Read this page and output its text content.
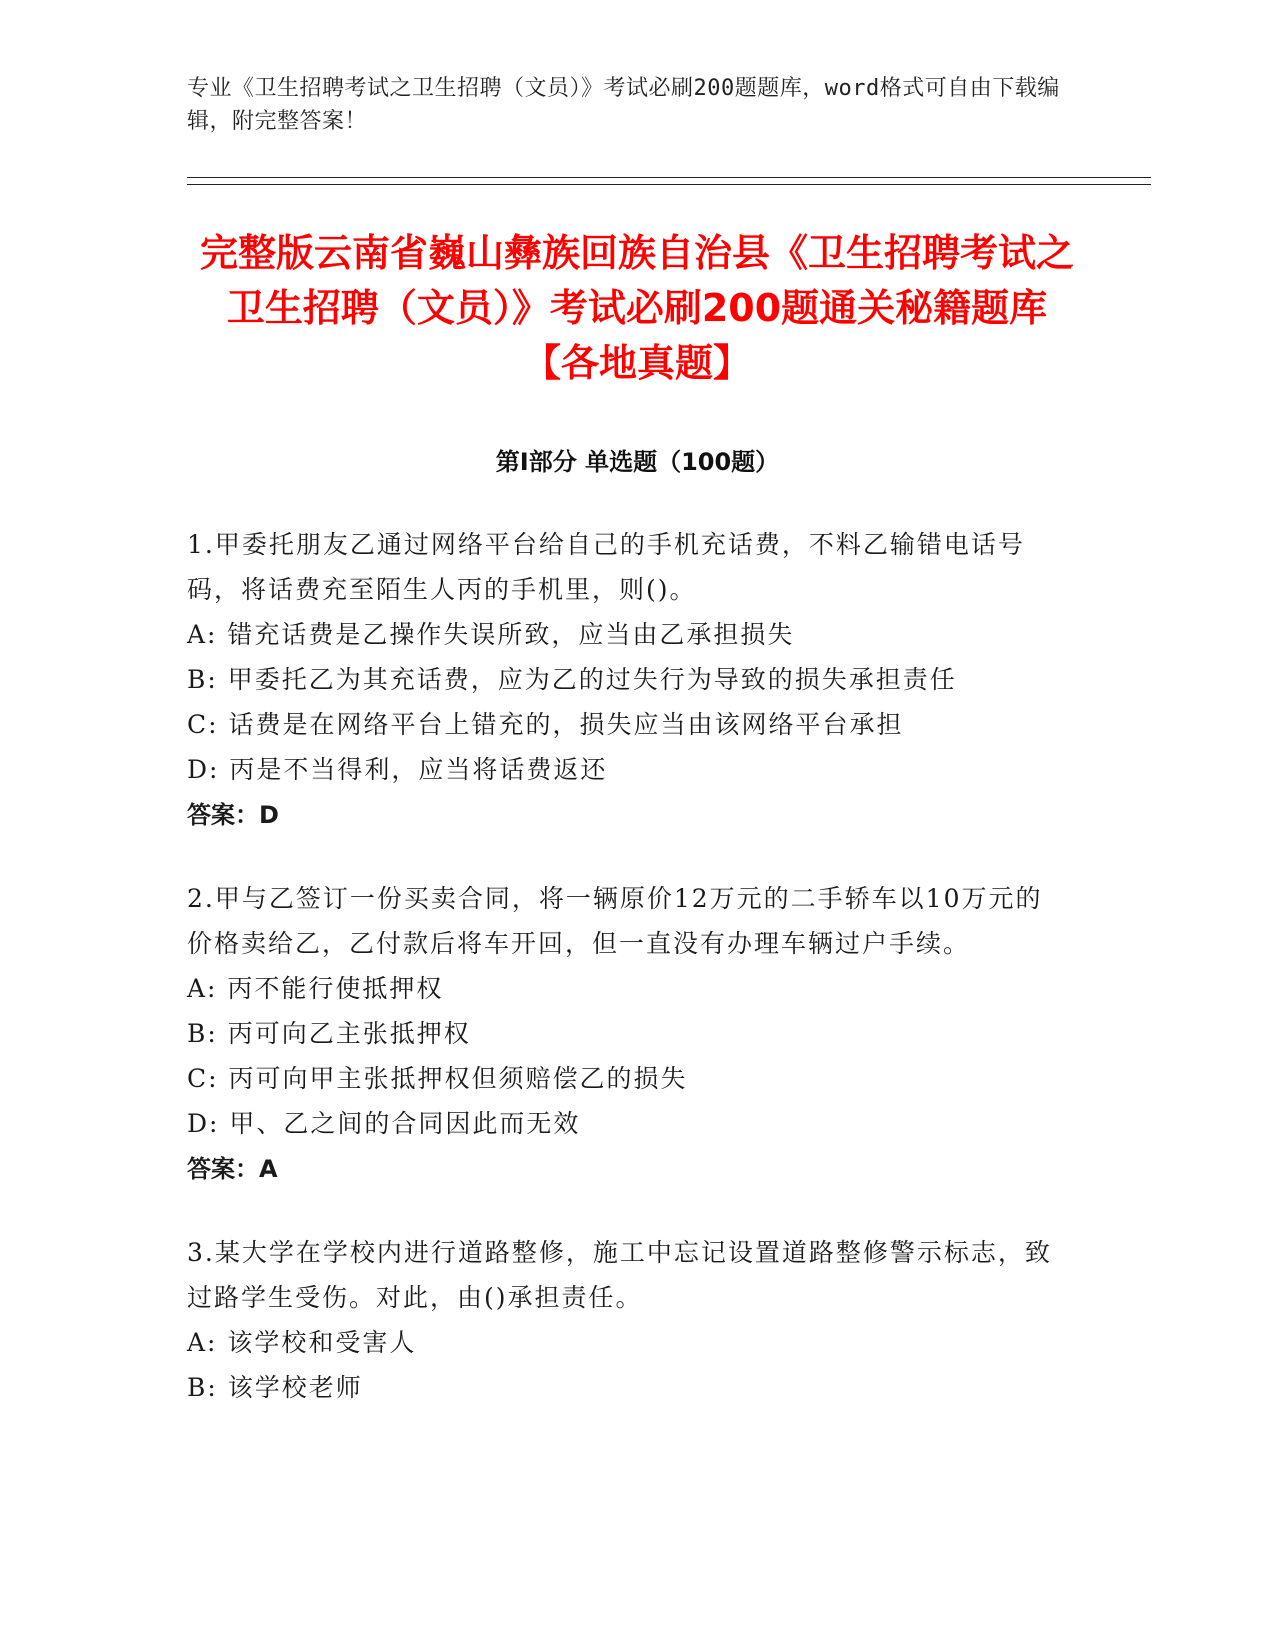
专业《卫生招聘考试之卫生招聘（文员）》考试必刷200题题库，word格式可自由下载编辑，附完整答案！
完整版云南省巍山彝族回族自治县《卫生招聘考试之卫生招聘（文员）》考试必刷200题通关秘籍题库【各地真题】
第I部分 单选题（100题）

1.甲委托朋友乙通过网络平台给自己的手机充话费，不料乙输错电话号码，将话费充至陌生人丙的手机里，则()。

A: 错充话费是乙操作失误所致，应当由乙承担损失

B: 甲委托乙为其充话费，应为乙的过失行为导致的损失承担责任

C: 话费是在网络平台上错充的，损失应当由该网络平台承担

D: 丙是不当得利，应当将话费返还

答案：D

2.甲与乙签订一份买卖合同，将一辆原价12万元的二手轿车以10万元的价格卖给乙，乙付款后将车开回，但一直没有办理车辆过户手续。

A: 丙不能行使抵押权

B: 丙可向乙主张抵押权

C: 丙可向甲主张抵押权但须赔偿乙的损失

D: 甲、乙之间的合同因此而无效

答案：A

3.某大学在学校内进行道路整修，施工中忘记设置道路整修警示标志，致过路学生受伤。对此，由()承担责任。

A: 该学校和受害人

B: 该学校老师
